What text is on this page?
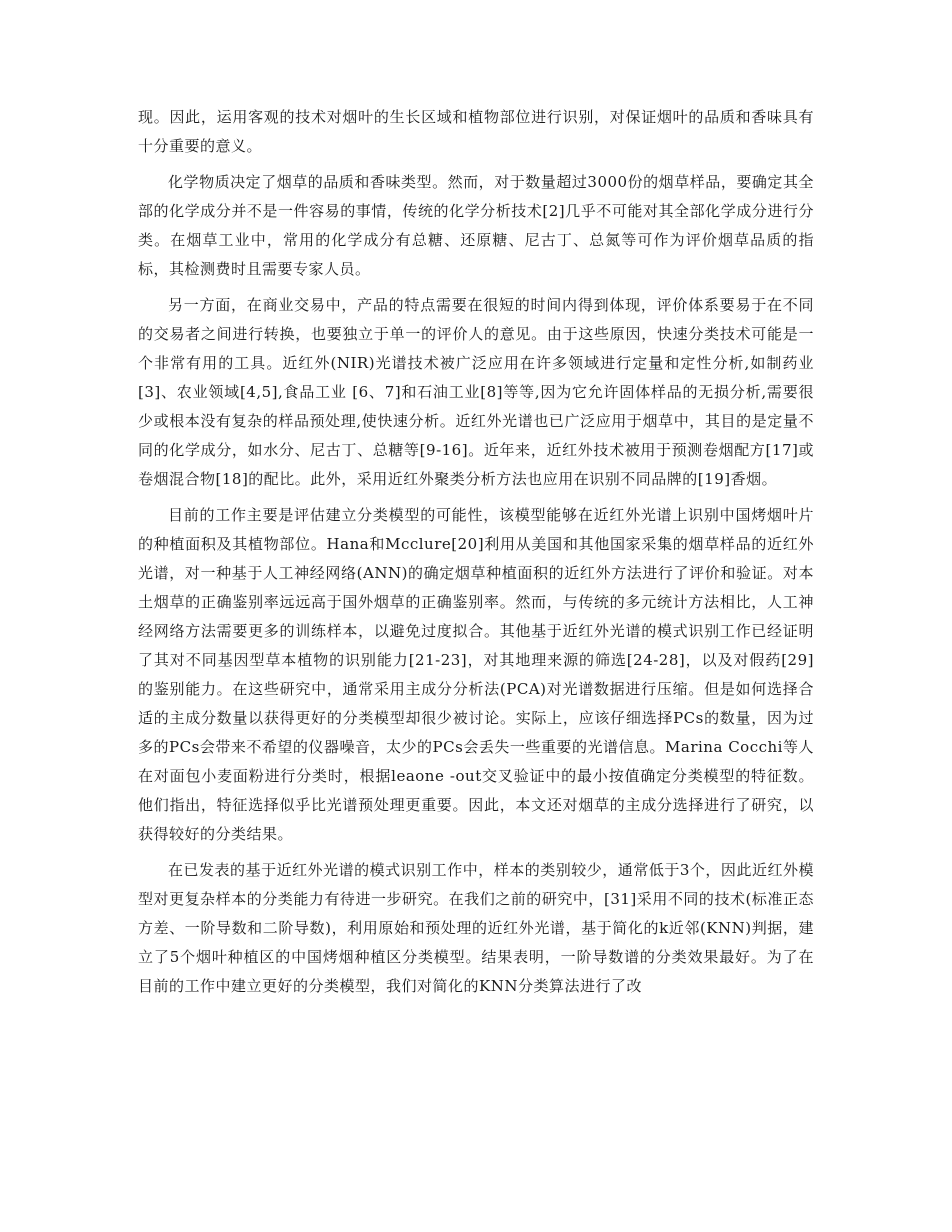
现。因此，运用客观的技术对烟叶的生长区域和植物部位进行识别，对保证烟叶的品质和香味具有十分重要的意义。

化学物质决定了烟草的品质和香味类型。然而，对于数量超过3000份的烟草样品，要确定其全部的化学成分并不是一件容易的事情，传统的化学分析技术[2]几乎不可能对其全部化学成分进行分类。在烟草工业中，常用的化学成分有总糖、还原糖、尼古丁、总氮等可作为评价烟草品质的指标，其检测费时且需要专家人员。

另一方面，在商业交易中，产品的特点需要在很短的时间内得到体现，评价体系要易于在不同的交易者之间进行转换，也要独立于单一的评价人的意见。由于这些原因，快速分类技术可能是一个非常有用的工具。近红外(NIR)光谱技术被广泛应用在许多领域进行定量和定性分析,如制药业[3]、农业领域[4,5],食品工业 [6、7]和石油工业[8]等等,因为它允许固体样品的无损分析,需要很少或根本没有复杂的样品预处理,使快速分析。近红外光谱也已广泛应用于烟草中，其目的是定量不同的化学成分，如水分、尼古丁、总糖等[9-16]。近年来，近红外技术被用于预测卷烟配方[17]或卷烟混合物[18]的配比。此外，采用近红外聚类分析方法也应用在识别不同品牌的[19]香烟。

目前的工作主要是评估建立分类模型的可能性，该模型能够在近红外光谱上识别中国烤烟叶片的种植面积及其植物部位。Hana和Mcclure[20]利用从美国和其他国家采集的烟草样品的近红外光谱，对一种基于人工神经网络(ANN)的确定烟草种植面积的近红外方法进行了评价和验证。对本土烟草的正确鉴别率远远高于国外烟草的正确鉴别率。然而，与传统的多元统计方法相比，人工神经网络方法需要更多的训练样本，以避免过度拟合。其他基于近红外光谱的模式识别工作已经证明了其对不同基因型草本植物的识别能力[21-23]，对其地理来源的筛选[24-28]，以及对假药[29]的鉴别能力。在这些研究中，通常采用主成分分析法(PCA)对光谱数据进行压缩。但是如何选择合适的主成分数量以获得更好的分类模型却很少被讨论。实际上，应该仔细选择PCs的数量，因为过多的PCs会带来不希望的仪器噪音，太少的PCs会丢失一些重要的光谱信息。Marina Cocchi等人在对面包小麦面粉进行分类时，根据leaone -out交叉验证中的最小按值确定分类模型的特征数。他们指出，特征选择似乎比光谱预处理更重要。因此，本文还对烟草的主成分选择进行了研究，以获得较好的分类结果。

在已发表的基于近红外光谱的模式识别工作中，样本的类别较少，通常低于3个，因此近红外模型对更复杂样本的分类能力有待进一步研究。在我们之前的研究中，[31]采用不同的技术(标准正态方差、一阶导数和二阶导数)，利用原始和预处理的近红外光谱，基于简化的k近邻(KNN)判据，建立了5个烟叶种植区的中国烤烟种植区分类模型。结果表明，一阶导数谱的分类效果最好。为了在目前的工作中建立更好的分类模型，我们对简化的KNN分类算法进行了改
